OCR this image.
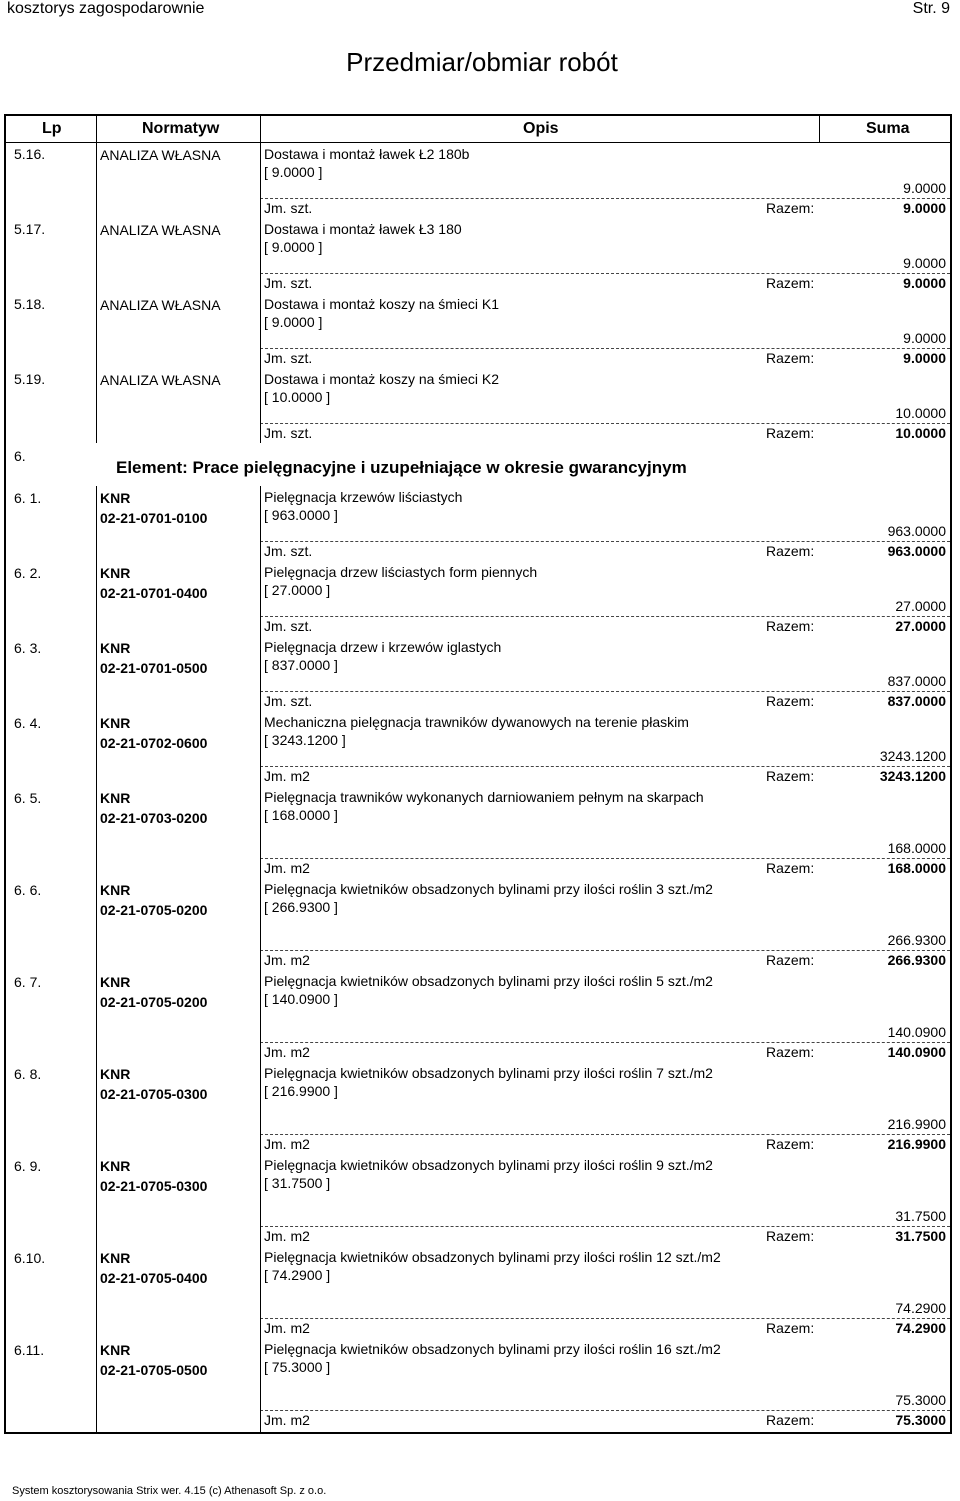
kosztorys zagospodarownie	Str. 9
Przedmiar/obmiar robót
Lp	Normatyw	Opis	Suma
5.16.	ANALIZA WŁASNA	Dostawa i montaż ławek Ł2 180b
[ 9.0000 ]
9.0000
Jm. szt.	Razem:	9.0000
5.17.	ANALIZA WŁASNA	Dostawa i montaż ławek Ł3 180
[ 9.0000 ]
9.0000
Jm. szt.	Razem:	9.0000
5.18.	ANALIZA WŁASNA	Dostawa i montaż koszy na śmieci K1
[ 9.0000 ]
9.0000
Jm. szt.	Razem:	9.0000
5.19.	ANALIZA WŁASNA	Dostawa i montaż koszy na śmieci K2
[ 10.0000 ]
10.0000
Jm. szt.	Razem:	10.0000
6.
Element: Prace pielęgnacyjne i uzupełniające w okresie gwarancyjnym
6. 1.	KNR
02-21-0701-0100
Pielęgnacja krzewów liściastych
[ 963.0000 ]
963.0000
Jm. szt.	Razem:	963.0000
6. 2.	KNR
02-21-0701-0400
Pielęgnacja drzew liściastych form piennych
[ 27.0000 ]
27.0000
Jm. szt.	Razem:	27.0000
6. 3.	KNR
02-21-0701-0500
Pielęgnacja drzew i krzewów iglastych
[ 837.0000 ]
837.0000
Jm. szt.	Razem:	837.0000
6. 4.	KNR
02-21-0702-0600
Mechaniczna pielęgnacja trawników dywanowych na terenie płaskim
[ 3243.1200 ]
3243.1200
Jm. m2	Razem:	3243.1200
6. 5.	KNR
02-21-0703-0200
Pielęgnacja trawników wykonanych darniowaniem pełnym na skarpach
[ 168.0000 ]
168.0000
Jm. m2	Razem:	168.0000
6. 6.	KNR
02-21-0705-0200
Pielęgnacja kwietników obsadzonych bylinami przy ilości roślin 3 szt./m2
[ 266.9300 ]
266.9300
Jm. m2	Razem:	266.9300
6. 7.	KNR
02-21-0705-0200
Pielęgnacja kwietników obsadzonych bylinami przy ilości roślin 5 szt./m2
[ 140.0900 ]
140.0900
Jm. m2	Razem:	140.0900
6. 8.	KNR
02-21-0705-0300
Pielęgnacja kwietników obsadzonych bylinami przy ilości roślin 7 szt./m2
[ 216.9900 ]
216.9900
Jm. m2	Razem:	216.9900
6. 9.	KNR
02-21-0705-0300
Pielęgnacja kwietników obsadzonych bylinami przy ilości roślin 9 szt./m2
[ 31.7500 ]
31.7500
Jm. m2	Razem:	31.7500
6.10.	KNR
02-21-0705-0400
Pielęgnacja kwietników obsadzonych bylinami przy ilości roślin 12 szt./m2
[ 74.2900 ]
74.2900
Jm. m2	Razem:	74.2900
6.11.	KNR
02-21-0705-0500
Pielęgnacja kwietników obsadzonych bylinami przy ilości roślin 16 szt./m2
[ 75.3000 ]
75.3000
Jm. m2	Razem:	75.3000
System kosztorysowania Strix wer. 4.15 (c) Athenasoft Sp. z o.o.
